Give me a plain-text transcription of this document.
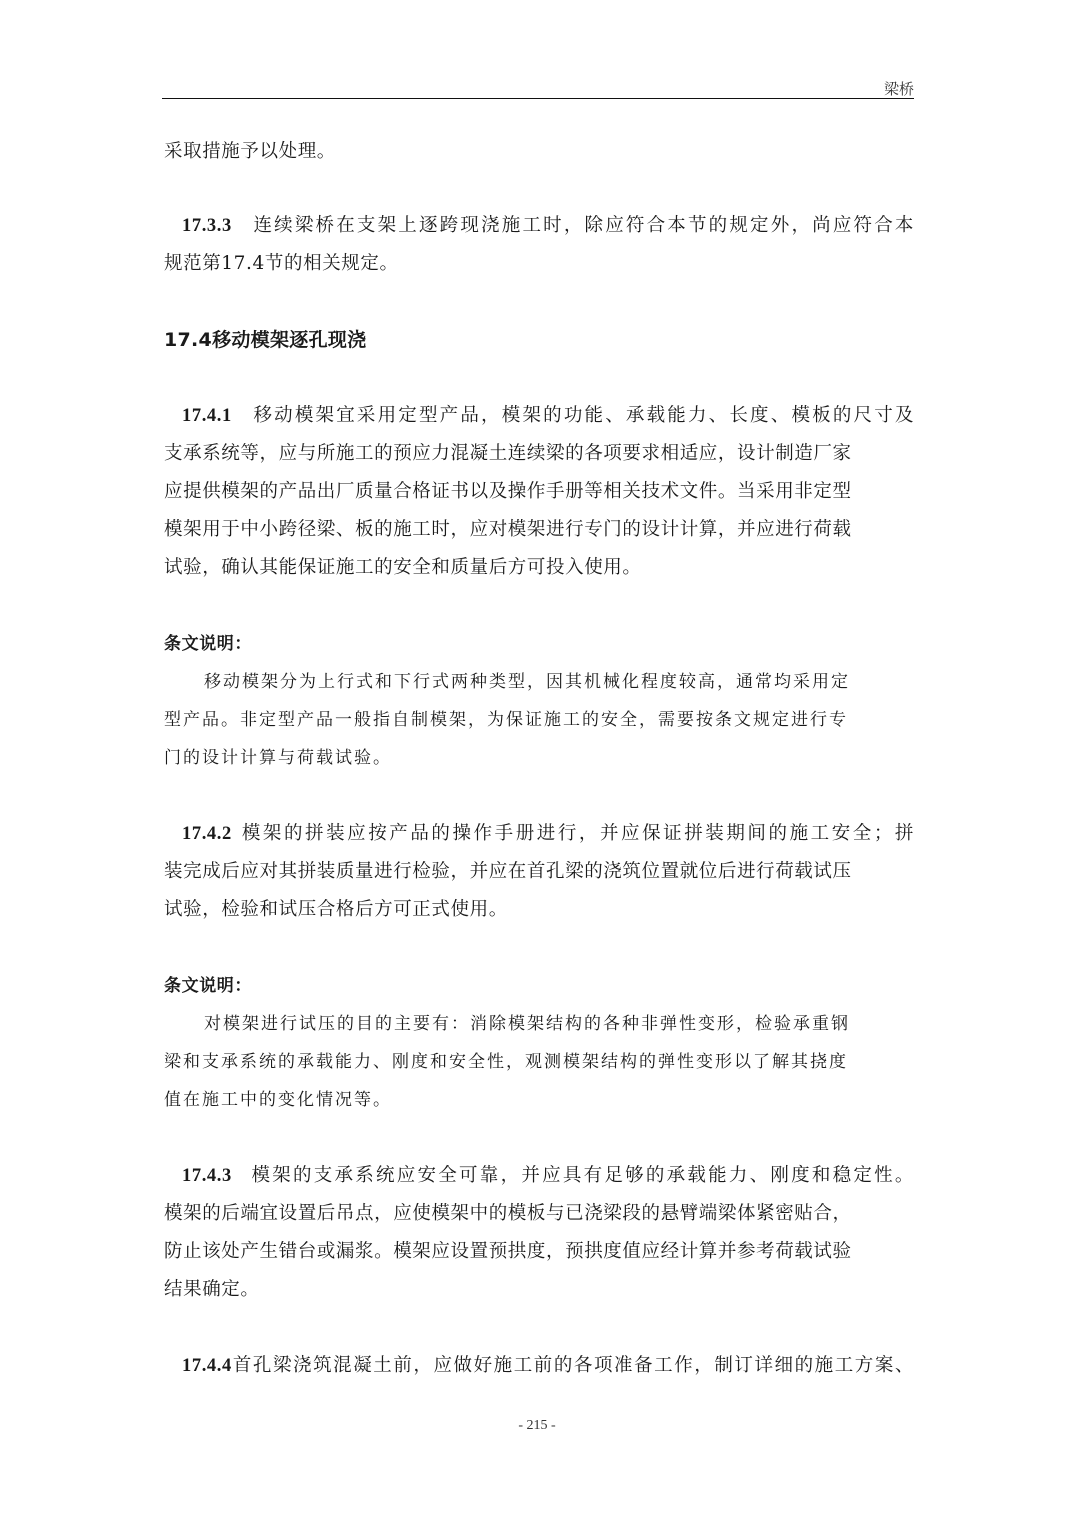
梁桥
采取措施予以处理。
17.3.3 连续梁桥在支架上逐跨现浇施工时，除应符合本节的规定外，尚应符合本
规范第17.4节的相关规定。
17.4移动模架逐孔现浇
17.4.1 移动模架宜采用定型产品，模架的功能、承载能力、长度、模板的尺寸及
支承系统等，应与所施工的预应力混凝土连续梁的各项要求相适应，设计制造厂家
应提供模架的产品出厂质量合格证书以及操作手册等相关技术文件。当采用非定型
模架用于中小跨径梁、板的施工时，应对模架进行专门的设计计算，并应进行荷载
试验，确认其能保证施工的安全和质量后方可投入使用。
条文说明：
移动模架分为上行式和下行式两种类型，因其机械化程度较高，通常均采用定
型产品。非定型产品一般指自制模架，为保证施工的安全，需要按条文规定进行专
门的设计计算与荷载试验。
17.4.2 模架的拼装应按产品的操作手册进行，并应保证拼装期间的施工安全；拼
装完成后应对其拼装质量进行检验，并应在首孔梁的浇筑位置就位后进行荷载试压
试验，检验和试压合格后方可正式使用。
条文说明：
对模架进行试压的目的主要有：消除模架结构的各种非弹性变形，检验承重钢
梁和支承系统的承载能力、刚度和安全性，观测模架结构的弹性变形以了解其挠度
值在施工中的变化情况等。
17.4.3 模架的支承系统应安全可靠，并应具有足够的承载能力、刚度和稳定性。
模架的后端宜设置后吊点，应使模架中的模板与已浇梁段的悬臂端梁体紧密贴合，
防止该处产生错台或漏浆。模架应设置预拱度，预拱度值应经计算并参考荷载试验
结果确定。
17.4.4首孔梁浇筑混凝土前，应做好施工前的各项准备工作，制订详细的施工方案、
- 215 -
